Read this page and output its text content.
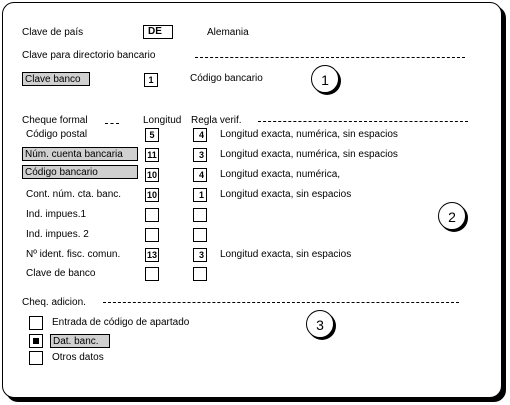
Clave de país	DE	Alemania
Clave para directorio bancario
Clave banco	1	Código bancario	1
Cheque formal	Longitud Regla verif.
Código postal	5	4	Longitud exacta, numérica, sin espacios
Núm. cuenta bancaria	11	3	Longitud exacta, numérica, sin espacios
Código bancario	10	4	Longitud exacta, numérica,
Cont. núm. cta. banc.	10	1	Longitud exacta, sin espacios
Ind. impues.1
Ind. impues. 2
Nº ident. fisc. comun.	13	3	Longitud exacta, sin espacios
Clave de banco
2
Cheq. adicion.
3
Entrada de código de apartado
Dat. banc.
Otros datos
